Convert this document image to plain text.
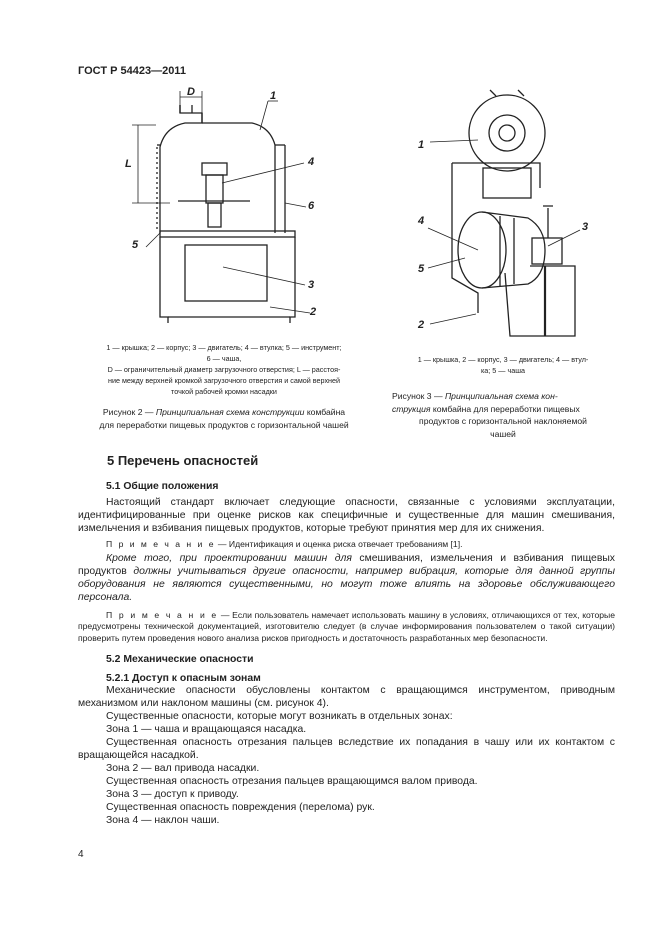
ГОСТ Р 54423—2011
D
L
1
4
6
5
3
2
1 — крышка; 2 — корпус; 3 — двигатель; 4 — втулка; 5 — инструмент;
6 — чаша,
D — ограничительный диаметр загрузочного отверстия; L — расстоя-
ние между верхней кромкой загрузочного отверстия и самой верхней
точкой рабочей кромки насадки
Рисунок 2 — Принципиальная схема конструкции комбайна
для переработки пищевых продуктов с горизонтальной чашей
1
4
5
3
2
1 — крышка, 2 — корпус, 3 — двигатель; 4 — втул-
ка; 5 — чаша
Рисунок 3 — Принципиальная схема кон-
струкция комбайна для переработки пищевых
продуктов с горизонтальной наклоняемой
чашей
5 Перечень опасностей
5.1 Общие положения

Настоящий стандарт включает следующие опасности, связанные с условиями эксплуатации, идентифицированные при оценке рисков как специфичные и существенные для машин смешивания, измельчения и взбивания пищевых продуктов, которые требуют принятия мер для их снижения.

П р и м е ч а н и е — Идентификация и оценка риска отвечает требованиям [1].

Кроме того, при проектировании машин для смешивания, измельчения и взбивания пищевых продуктов должны учитываться другие опасности, например вибрация, которые для данной группы оборудования не являются существенными, но могут тоже влиять на здоровье обслуживающего персонала.

П р и м е ч а н и е — Если пользователь намечает использовать машину в условиях, отличающихся от тех, которые предусмотрены технической документацией, изготовителю следует (в случае информирования пользователем о такой ситуации) проверить путем проведения нового анализа рисков пригодность и достаточность разработанных мер безопасности.

5.2 Механические опасности
5.2.1 Доступ к опасным зонам

Механические опасности обусловлены контактом с вращающимся инструментом, приводным механизмом или наклоном машины (см. рисунок 4).

Существенные опасности, которые могут возникать в отдельных зонах:

Зона 1 — чаша и вращающаяся насадка.

Существенная опасность отрезания пальцев вследствие их попадания в чашу или их контактом с вращающейся насадкой.

Зона 2 — вал привода насадки.

Существенная опасность отрезания пальцев вращающимся валом привода.

Зона 3 — доступ к приводу.

Существенная опасность повреждения (перелома) рук.

Зона 4 — наклон чаши.

4
